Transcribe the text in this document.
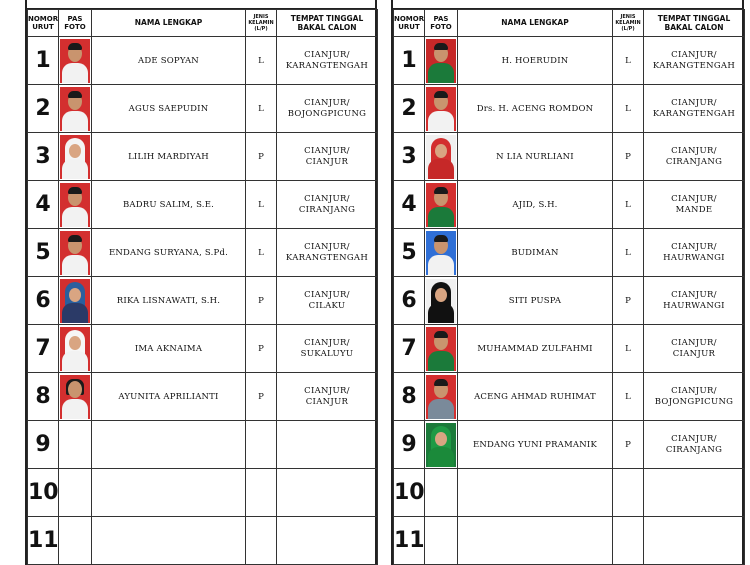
NOMOR
URUT	PAS
FOTO	NAMA LENGKAP	JENIS
KELAMIN
(L/P)	TEMPAT TINGGAL
BAKAL CALON
1		ADE SOPYAN	L	CIANJUR/
KARANGTENGAH

2		AGUS SAEPUDIN	L	CIANJUR/
BOJONGPICUNG

3		LILIH MARDIYAH	P	CIANJUR/
CIANJUR

4		BADRU SALIM, S.E.	L	CIANJUR/
CIRANJANG

5		ENDANG SURYANA, S.Pd.	L	CIANJUR/
KARANGTENGAH

6		RIKA LISNAWATI, S.H.	P	CIANJUR/
CILAKU

7		IMA AKNAIMA	P	CIANJUR/
SUKALUYU

8		AYUNITA APRILIANTI	P	CIANJUR/
CIANJUR

9				

10				

11				
NOMOR
URUT	PAS
FOTO	NAMA LENGKAP	JENIS
KELAMIN
(L/P)	TEMPAT TINGGAL
BAKAL CALON
1		H. HOERUDIN	L	CIANJUR/
KARANGTENGAH

2		Drs. H. ACENG ROMDON	L	CIANJUR/
KARANGTENGAH

3		N LIA NURLIANI	P	CIANJUR/
CIRANJANG

4		AJID, S.H.	L	CIANJUR/
MANDE

5		BUDIMAN	L	CIANJUR/
HAURWANGI

6		SITI PUSPA	P	CIANJUR/
HAURWANGI

7		MUHAMMAD ZULFAHMI	L	CIANJUR/
CIANJUR

8		ACENG AHMAD RUHIMAT	L	CIANJUR/
BOJONGPICUNG

9		ENDANG YUNI PRAMANIK	P	CIANJUR/
CIRANJANG

10				

11				
